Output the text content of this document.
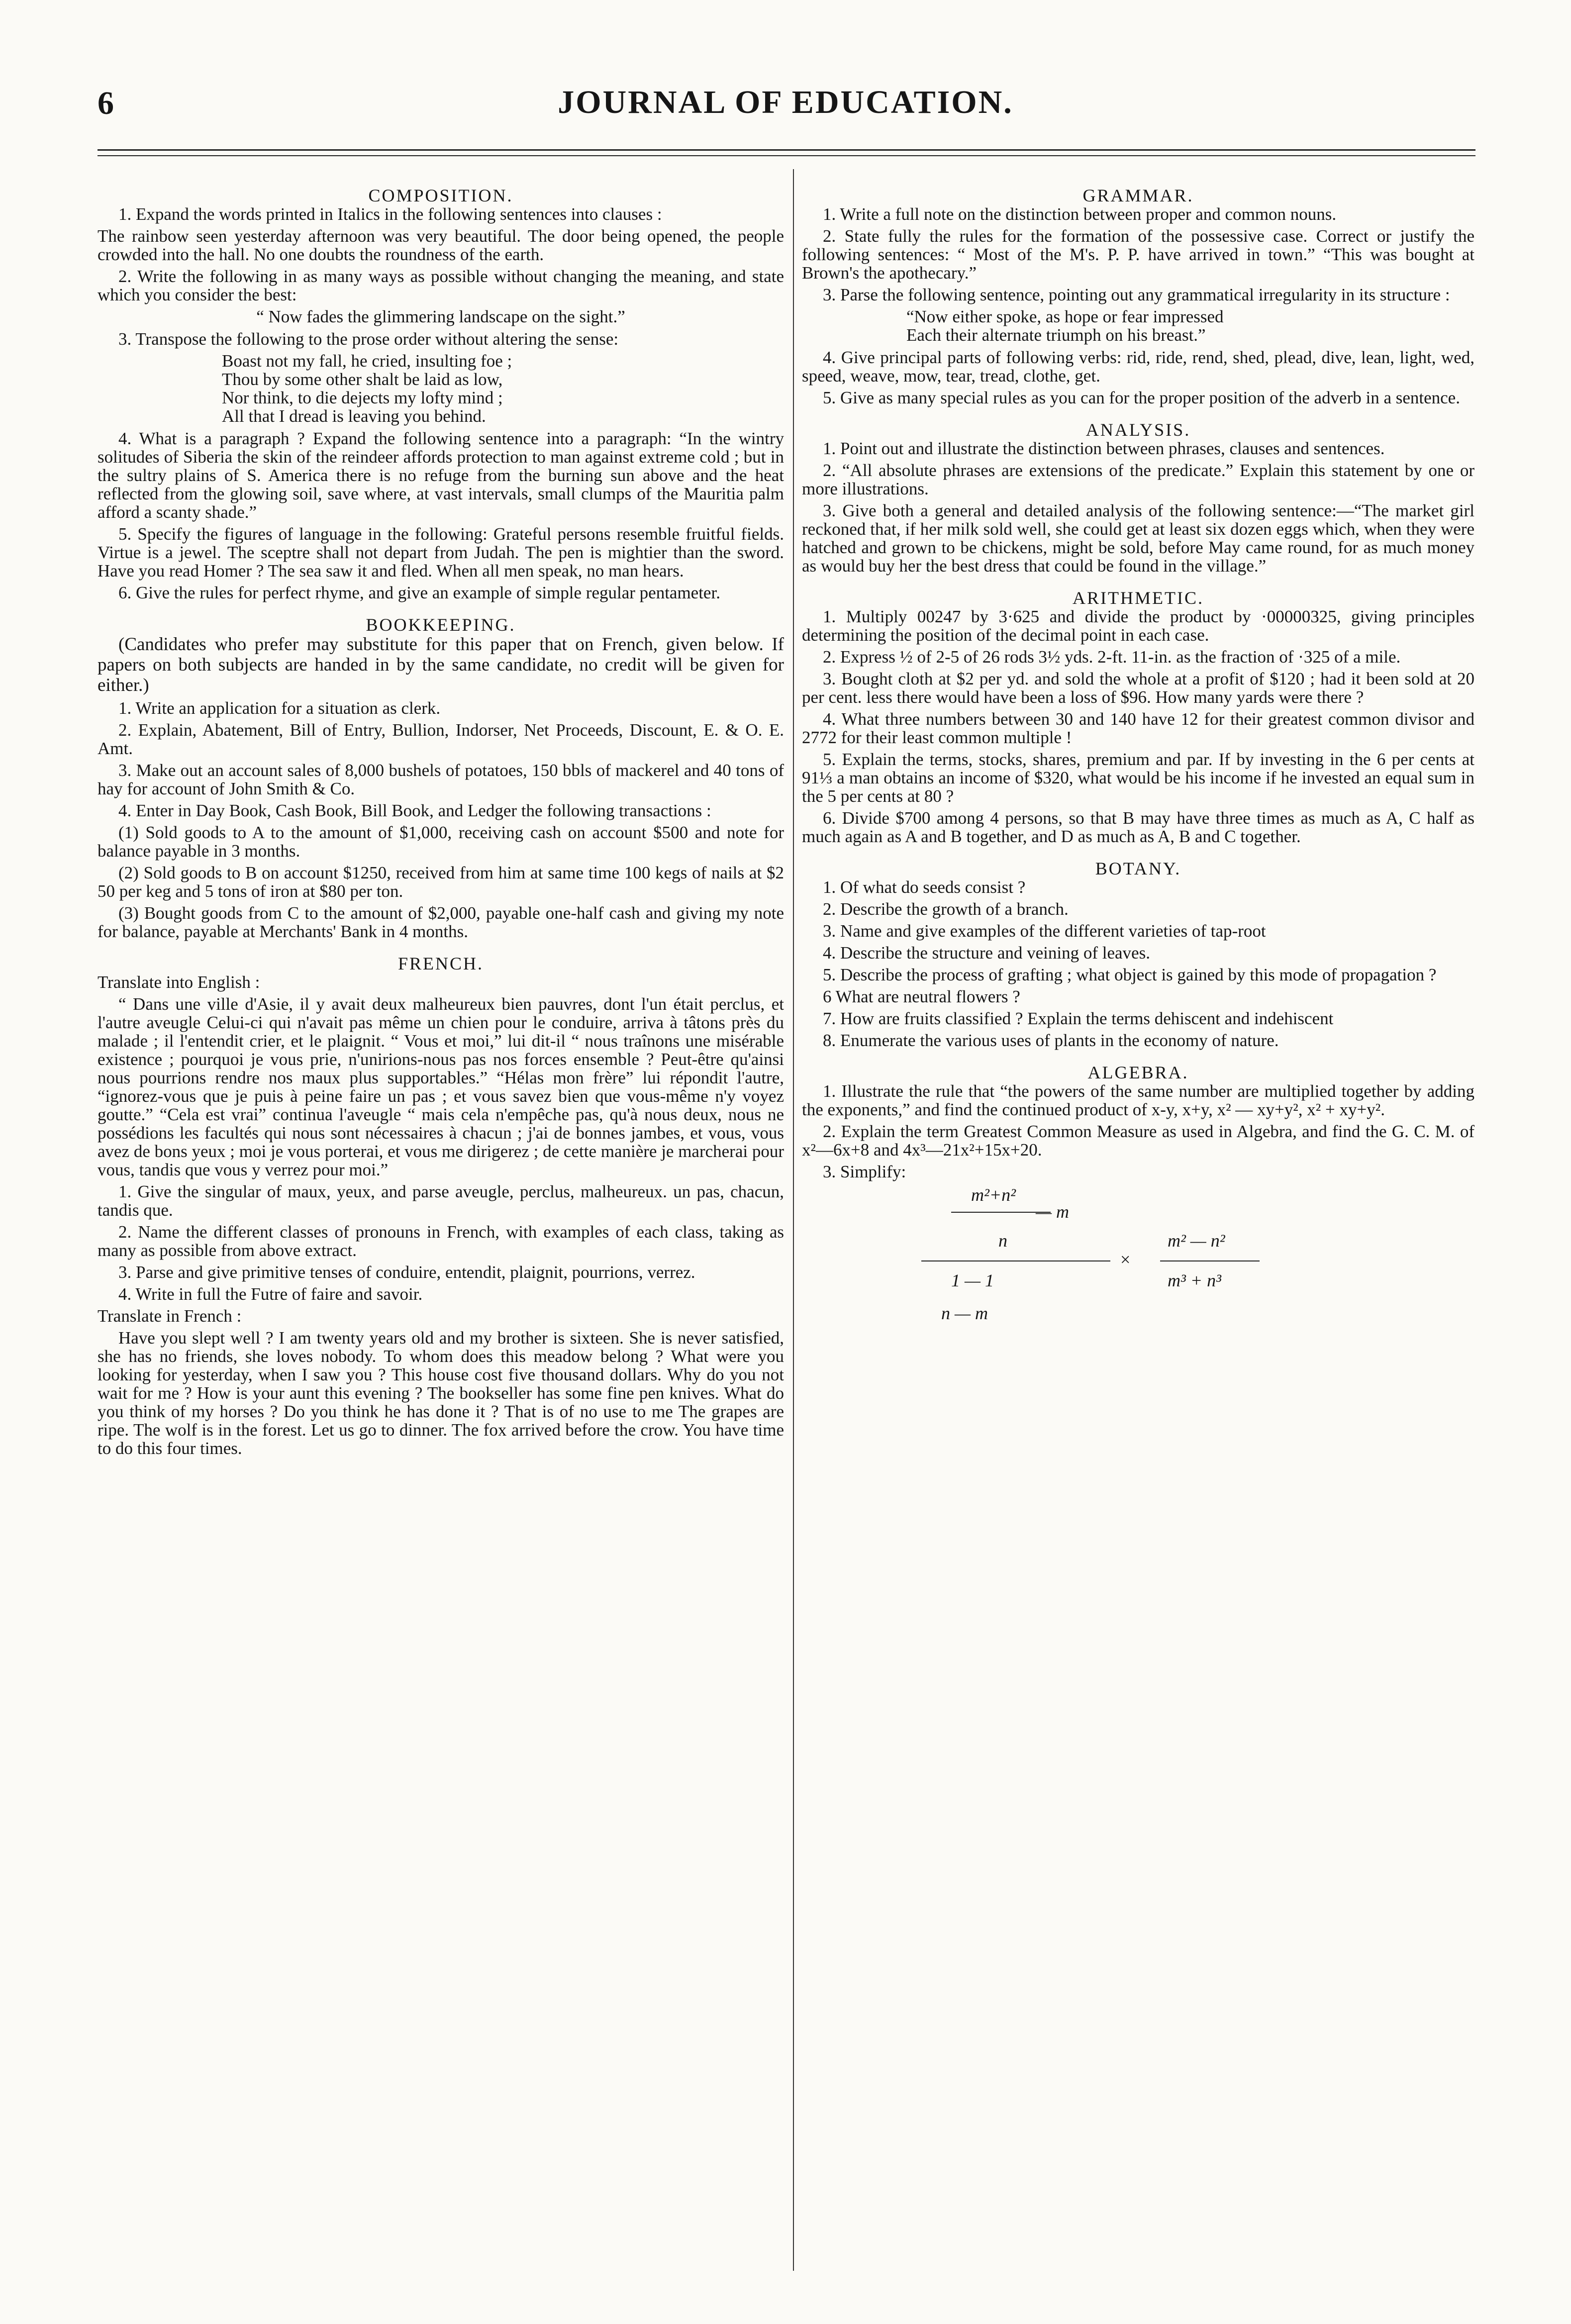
6	JOURNAL OF EDUCATION.
COMPOSITION.

1. Expand the words printed in Italics in the following sentences into clauses :

The rainbow seen yesterday afternoon was very beautiful. The door being opened, the people crowded into the hall. No one doubts the roundness of the earth.

2. Write the following in as many ways as possible without changing the meaning, and state which you consider the best:

“ Now fades the glimmering landscape on the sight.”

3. Transpose the following to the prose order without altering the sense:

Boast not my fall, he cried, insulting foe ;
Thou by some other shalt be laid as low,
Nor think, to die dejects my lofty mind ;
All that I dread is leaving you behind.

4. What is a paragraph ? Expand the following sentence into a paragraph: “In the wintry solitudes of Siberia the skin of the reindeer affords protection to man against extreme cold ; but in the sultry plains of S. America there is no refuge from the burning sun above and the heat reflected from the glowing soil, save where, at vast intervals, small clumps of the Mauritia palm afford a scanty shade.”

5. Specify the figures of language in the following: Grateful persons resemble fruitful fields. Virtue is a jewel. The sceptre shall not depart from Judah. The pen is mightier than the sword. Have you read Homer ? The sea saw it and fled. When all men speak, no man hears.

6. Give the rules for perfect rhyme, and give an example of simple regular pentameter.

BOOKKEEPING.

(Candidates who prefer may substitute for this paper that on French, given below. If papers on both subjects are handed in by the same candidate, no credit will be given for either.)

1. Write an application for a situation as clerk.

2. Explain, Abatement, Bill of Entry, Bullion, Indorser, Net Proceeds, Discount, E. & O. E. Amt.

3. Make out an account sales of 8,000 bushels of potatoes, 150 bbls of mackerel and 40 tons of hay for account of John Smith & Co.

4. Enter in Day Book, Cash Book, Bill Book, and Ledger the following transactions :

(1) Sold goods to A to the amount of $1,000, receiving cash on account $500 and note for balance payable in 3 months.

(2) Sold goods to B on account $1250, received from him at same time 100 kegs of nails at $2 50 per keg and 5 tons of iron at $80 per ton.

(3) Bought goods from C to the amount of $2,000, payable one-half cash and giving my note for balance, payable at Merchants' Bank in 4 months.

FRENCH.

Translate into English :

“ Dans une ville d'Asie, il y avait deux malheureux bien pauvres, dont l'un était perclus, et l'autre aveugle Celui-ci qui n'avait pas même un chien pour le conduire, arriva à tâtons près du malade ; il l'entendit crier, et le plaignit. “ Vous et moi,” lui dit-il “ nous traînons une misérable existence ; pourquoi je vous prie, n'unirions-nous pas nos forces ensemble ? Peut-être qu'ainsi nous pourrions rendre nos maux plus supportables.” “Hélas mon frère” lui répondit l'autre, “ignorez-vous que je puis à peine faire un pas ; et vous savez bien que vous-même n'y voyez goutte.” “Cela est vrai” continua l'aveugle “ mais cela n'empêche pas, qu'à nous deux, nous ne possédions les facultés qui nous sont nécessaires à chacun ; j'ai de bonnes jambes, et vous, vous avez de bons yeux ; moi je vous porterai, et vous me dirigerez ; de cette manière je marcherai pour vous, tandis que vous y verrez pour moi.”

1. Give the singular of maux, yeux, and parse aveugle, perclus, malheureux. un pas, chacun, tandis que.

2. Name the different classes of pronouns in French, with examples of each class, taking as many as possible from above extract.

3. Parse and give primitive tenses of conduire, entendit, plaignit, pourrions, verrez.

4. Write in full the Futre of faire and savoir.

Translate in French :

Have you slept well ? I am twenty years old and my brother is sixteen. She is never satisfied, she has no friends, she loves nobody. To whom does this meadow belong ? What were you looking for yesterday, when I saw you ? This house cost five thousand dollars. Why do you not wait for me ? How is your aunt this evening ? The bookseller has some fine pen knives. What do you think of my horses ? Do you think he has done it ? That is of no use to me The grapes are ripe. The wolf is in the forest. Let us go to dinner. The fox arrived before the crow. You have time to do this four times.

GRAMMAR.

1. Write a full note on the distinction between proper and common nouns.

2. State fully the rules for the formation of the possessive case. Correct or justify the following sentences: “ Most of the M's. P. P. have arrived in town.” “This was bought at Brown's the apothecary.”

3. Parse the following sentence, pointing out any grammatical irregularity in its structure :

“Now either spoke, as hope or fear impressed
Each their alternate triumph on his breast.”

4. Give principal parts of following verbs: rid, ride, rend, shed, plead, dive, lean, light, wed, speed, weave, mow, tear, tread, clothe, get.

5. Give as many special rules as you can for the proper position of the adverb in a sentence.

ANALYSIS.

1. Point out and illustrate the distinction between phrases, clauses and sentences.

2. “All absolute phrases are extensions of the predicate.” Explain this statement by one or more illustrations.

3. Give both a general and detailed analysis of the following sentence:—“The market girl reckoned that, if her milk sold well, she could get at least six dozen eggs which, when they were hatched and grown to be chickens, might be sold, before May came round, for as much money as would buy her the best dress that could be found in the village.”

ARITHMETIC.

1. Multiply 00247 by 3·625 and divide the product by ·00000325, giving principles determining the position of the decimal point in each case.

2. Express ½ of 2-5 of 26 rods 3½ yds. 2-ft. 11-in. as the fraction of ·325 of a mile.

3. Bought cloth at $2 per yd. and sold the whole at a profit of $120 ; had it been sold at 20 per cent. less there would have been a loss of $96. How many yards were there ?

4. What three numbers between 30 and 140 have 12 for their greatest common divisor and 2772 for their least common multiple !

5. Explain the terms, stocks, shares, premium and par. If by investing in the 6 per cents at 91⅓ a man obtains an income of $320, what would be his income if he invested an equal sum in the 5 per cents at 80 ?

6. Divide $700 among 4 persons, so that B may have three times as much as A, C half as much again as A and B together, and D as much as A, B and C together.

BOTANY.

1. Of what do seeds consist ?

2. Describe the growth of a branch.

3. Name and give examples of the different varieties of tap-root

4. Describe the structure and veining of leaves.

5. Describe the process of grafting ; what object is gained by this mode of propagation ?

6 What are neutral flowers ?

7. How are fruits classified ? Explain the terms dehiscent and indehiscent

8. Enumerate the various uses of plants in the economy of nature.

ALGEBRA.

1. Illustrate the rule that “the powers of the same number are multiplied together by adding the exponents,” and find the continued product of x-y, x+y, x² — xy+y², x² + xy+y².

2. Explain the term Greatest Common Measure as used in Algebra, and find the G. C. M. of x²—6x+8 and 4x³—21x²+15x+20.

3. Simplify:

m²+n²
— m
n
×
1 — 1
n — m
m² — n²
m³ + n³
